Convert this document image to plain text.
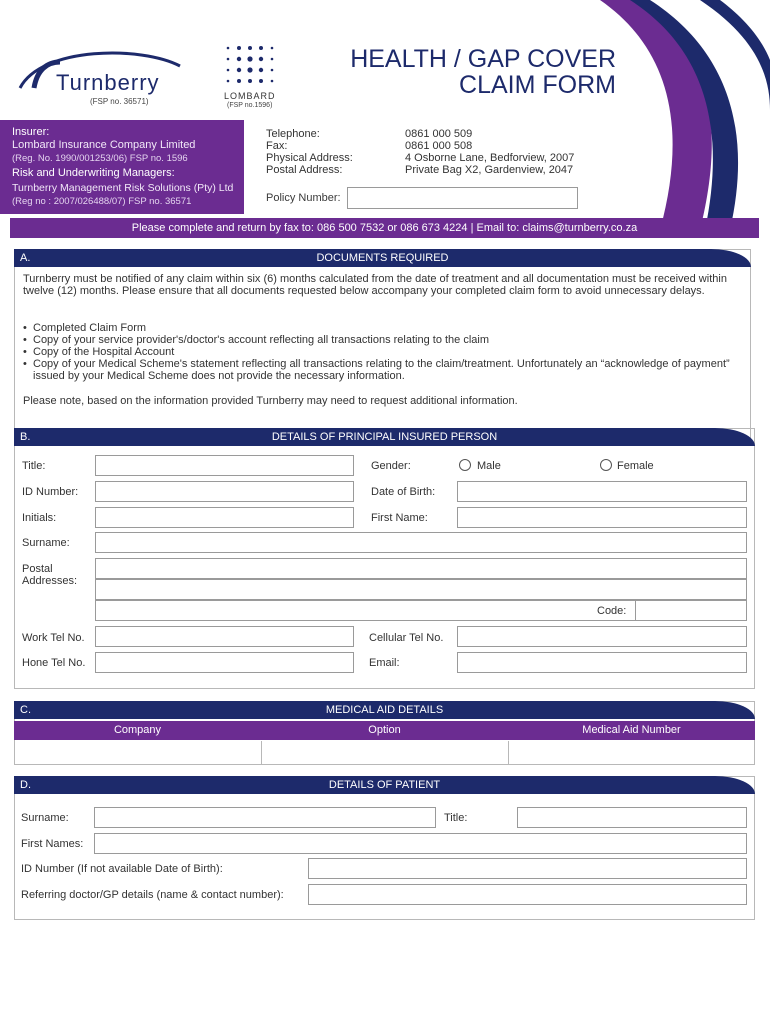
Turnberry
(FSP no. 36571)
LOMBARD
(FSP no.1596)
HEALTH / GAP COVER
CLAIM FORM
Insurer:
Lombard Insurance Company Limited
(Reg. No. 1990/001253/06) FSP no. 1596
Risk and Underwriting Managers:
Turnberry Management Risk Solutions (Pty) Ltd
(Reg no : 2007/026488/07) FSP no. 36571
Telephone:	0861 000 509
Fax:	0861 000 508
Physical Address:	4 Osborne Lane, Bedforview, 2007
Postal Address:	Private Bag X2, Gardenview, 2047
Policy Number:
Please complete and return by fax to: 086 500 7532 or 086 673 4224 | Email to: claims@turnberry.co.za
A.	DOCUMENTS REQUIRED
Turnberry must be notified of any claim within six (6) months calculated from the date of treatment and all documentation must be received within twelve (12) months. Please ensure that all documents requested below accompany your completed claim form to avoid unnecessary delays.
• Completed Claim Form
• Copy of your service provider's/doctor's account reflecting all transactions relating to the claim
• Copy of the Hospital Account
• Copy of your Medical Scheme's statement reflecting all transactions relating to the claim/treatment. Unfortunately an “acknowledge of payment” issued by your Medical Scheme does not provide the necessary information.
Please note, based on the information provided Turnberry may need to request additional information.
B.	DETAILS OF PRINCIPAL INSURED PERSON
Title:	Gender:	Male	Female
ID Number:	Date of Birth:
Initials:	First Name:
Surname:
Postal
Addresses:
Code:
Work Tel No.	Cellular Tel No.
Hone Tel No.	Email:
C.	MEDICAL AID DETAILS
Company	Option	Medical Aid Number
D.	DETAILS OF PATIENT
Surname:	Title:
First Names:
ID Number (If not available Date of Birth):
Referring doctor/GP details (name & contact number):
